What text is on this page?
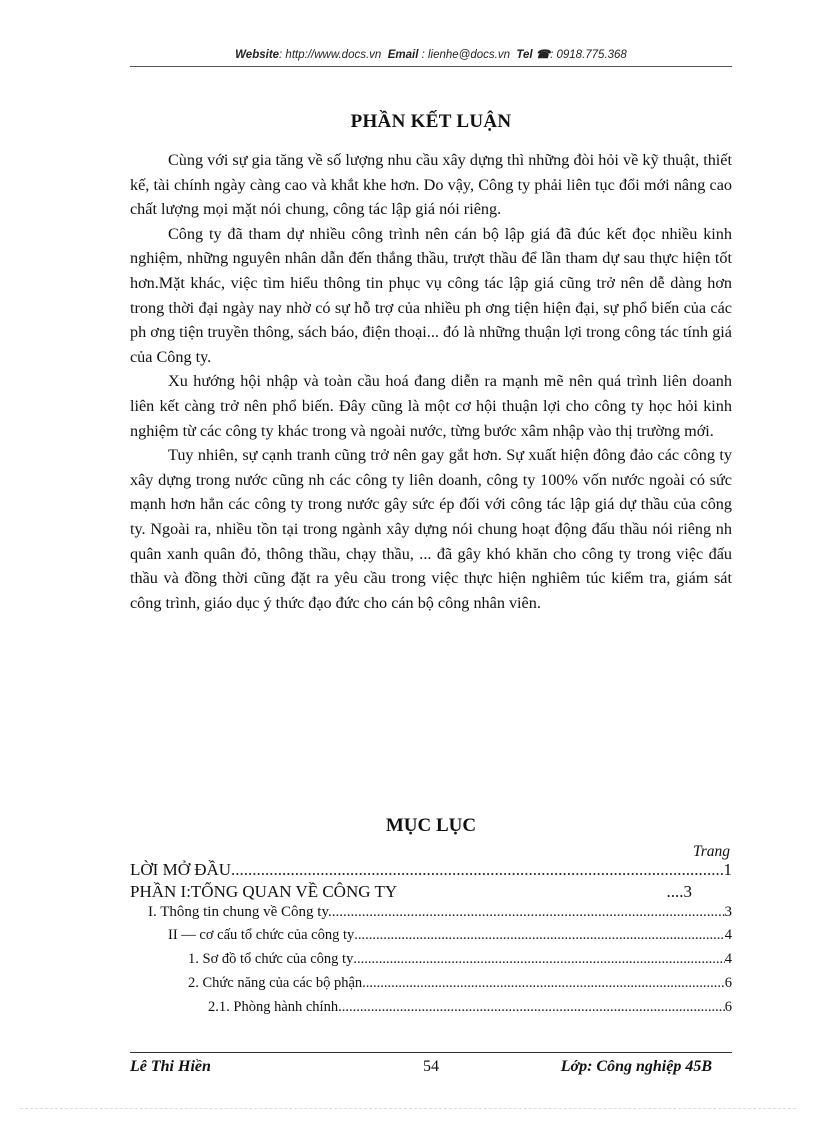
Website: http://www.docs.vn Email : lienhe@docs.vn Tel ☎: 0918.775.368
PHẦN KẾT LUẬN

Cùng với sự gia tăng về số lượng nhu cầu xây dựng thì những đòi hỏi về kỹ thuật, thiết kế, tài chính ngày càng cao và khắt khe hơn. Do vậy, Công ty phải liên tục đổi mới nâng cao chất lượng mọi mặt nói chung, công tác lập giá nói riêng.

Công ty đã tham dự nhiều công trình nên cán bộ lập giá đã đúc kết đọc nhiều kinh nghiệm, những nguyên nhân dẫn đến thắng thầu, trượt thầu để lần tham dự sau thực hiện tốt hơn.Mặt khác, việc tìm hiểu thông tin phục vụ công tác lập giá cũng trở nên dễ dàng hơn trong thời đại ngày nay nhờ có sự hỗ trợ của nhiều ph ơng tiện hiện đại, sự phổ biến của các ph ơng tiện truyền thông, sách báo, điện thoại... đó là những thuận lợi trong công tác tính giá của Công ty.

Xu hướng hội nhập và toàn cầu hoá đang diễn ra mạnh mẽ nên quá trình liên doanh liên kết càng trở nên phổ biến. Đây cũng là một cơ hội thuận lợi cho công ty học hỏi kinh nghiệm từ các công ty khác trong và ngoài nước, từng bước xâm nhập vào thị trường mới.

Tuy nhiên, sự cạnh tranh cũng trở nên gay gắt hơn. Sự xuất hiện đông đảo các công ty xây dựng trong nước cũng nh các công ty liên doanh, công ty 100% vốn nước ngoài có sức mạnh hơn hẳn các công ty trong nước gây sức ép đối với công tác lập giá dự thầu của công ty. Ngoài ra, nhiều tồn tại trong ngành xây dựng nói chung hoạt động đấu thầu nói riêng nh quân xanh quân đỏ, thông thầu, chạy thầu, ... đã gây khó khăn cho công ty trong việc đấu thầu và đồng thời cũng đặt ra yêu cầu trong việc thực hiện nghiêm túc kiểm tra, giám sát công trình, giáo dục ý thức đạo đức cho cán bộ công nhân viên.

MỤC LỤC
Trang
LỜI MỞ ĐẦU .....	1
PHẦN I:TỔNG QUAN VỀ CÔNG TY	....3
I. Thông tin chung về Công ty. .....	3
II — cơ cấu tổ chức của công ty .....	4
1. Sơ đồ tổ chức của công ty .....	4
2. Chức năng của các bộ phận .....	6
2.1. Phòng hành chính. .....	6
Lê Thi Hiền	54	Lớp: Công nghiệp 45B
